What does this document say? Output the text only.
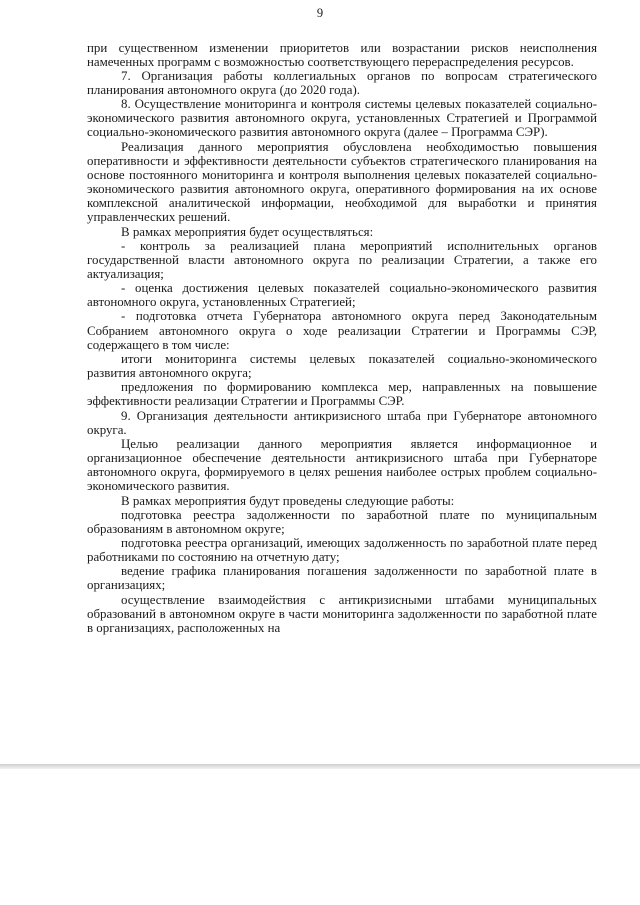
9

при существенном изменении приоритетов или возрастании рисков неисполнения намеченных программ с возможностью соответствующего перераспределения ресурсов.

7. Организация работы коллегиальных органов по вопросам стратегического планирования автономного округа (до 2020 года).

8. Осуществление мониторинга и контроля системы целевых показателей социально-экономического развития автономного округа, установленных Стратегией и Программой социально-экономического развития автономного округа (далее – Программа СЭР).

Реализация данного мероприятия обусловлена необходимостью повышения оперативности и эффективности деятельности субъектов стратегического планирования на основе постоянного мониторинга и контроля выполнения целевых показателей социально-экономического развития автономного округа, оперативного формирования на их основе комплексной аналитической информации, необходимой для выработки и принятия управленческих решений.

В рамках мероприятия будет осуществляться:

- контроль за реализацией плана мероприятий исполнительных органов государственной власти автономного округа по реализации Стратегии, а также его актуализация;

- оценка достижения целевых показателей социально-экономического развития автономного округа, установленных Стратегией;

- подготовка отчета Губернатора автономного округа перед Законодательным Собранием автономного округа о ходе реализации Стратегии и Программы СЭР, содержащего в том числе:

итоги мониторинга системы целевых показателей социально-экономического развития автономного округа;

предложения по формированию комплекса мер, направленных на повышение эффективности реализации Стратегии и Программы СЭР.

9. Организация деятельности антикризисного штаба при Губернаторе автономного округа.

Целью реализации данного мероприятия является информационное и организационное обеспечение деятельности антикризисного штаба при Губернаторе автономного округа, формируемого в целях решения наиболее острых проблем социально-экономического развития.

В рамках мероприятия будут проведены следующие работы:

подготовка реестра задолженности по заработной плате по муниципальным образованиям в автономном округе;

подготовка реестра организаций, имеющих задолженность по заработной плате перед работниками по состоянию на отчетную дату;

ведение графика планирования погашения задолженности по заработной плате в организациях;

осуществление взаимодействия с антикризисными штабами муниципальных образований в автономном округе в части мониторинга задолженности по заработной плате в организациях, расположенных на
